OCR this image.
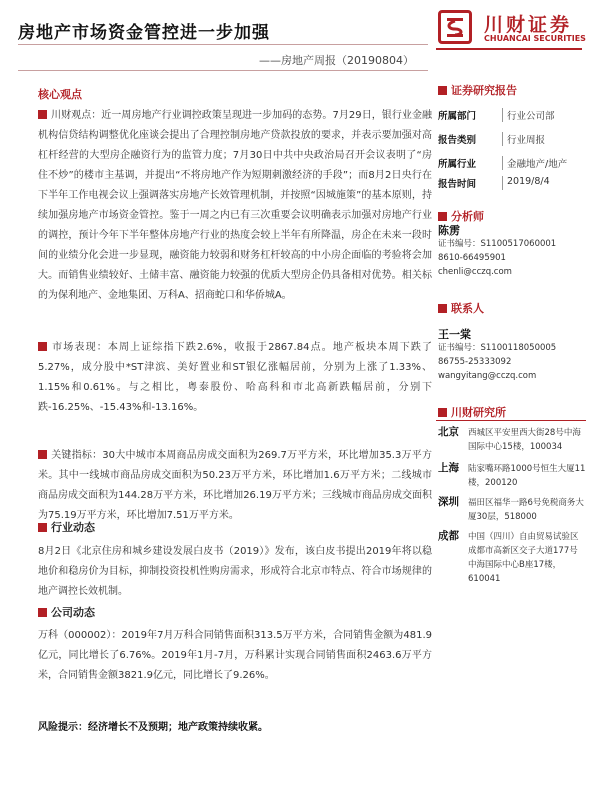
房地产市场资金管控进一步加强
——房地产周报（20190804）
川财证券
CHUANCAI SECURITIES
核心观点
川财观点：近一周房地产行业调控政策呈现进一步加码的态势。7月29日，银行业金融机构信贷结构调整优化座谈会提出了合理控制房地产贷款投放的要求，并表示要加强对高杠杆经营的大型房企融资行为的监管力度；7月30日中共中央政治局召开会议表明了“房住不炒”的楼市主基调，并提出“不将房地产作为短期刺激经济的手段”；而8月2日央行在下半年工作电视会议上强调落实房地产长效管理机制，并按照“因城施策”的基本原则，持续加强房地产市场资金管控。鉴于一周之内已有三次重要会议明确表示加强对房地产行业的调控，预计今年下半年整体房地产行业的热度会较上半年有所降温，房企在未来一段时间的业绩分化会进一步显现，融资能力较弱和财务杠杆较高的中小房企面临的考验将会加大。而销售业绩较好、土储丰富、融资能力较强的优质大型房企仍具备相对优势。相关标的为保利地产、金地集团、万科A、招商蛇口和华侨城A。
市场表现：本周上证综指下跌2.6%，收报于2867.84点。地产板块本周下跌了5.27%，成分股中*ST津滨、美好置业和ST银亿涨幅居前，分别为上涨了1.33%、1.15%和0.61%。与之相比，粤泰股份、哈高科和市北高新跌幅居前，分别下跌-16.25%、-15.43%和-13.16%。
关键指标：30大中城市本周商品房成交面积为269.7万平方米，环比增加35.3万平方米。其中一线城市商品房成交面积为50.23万平方米，环比增加1.6万平方米；二线城市商品房成交面积为144.28万平方米，环比增加26.19万平方米；三线城市商品房成交面积为75.19万平方米，环比增加7.51万平方米。
行业动态
8月2日《北京住房和城乡建设发展白皮书（2019）》发布，该白皮书提出2019年将以稳地价和稳房价为目标，抑制投资投机性购房需求，形成符合北京市特点、符合市场规律的地产调控长效机制。
公司动态
万科（000002）：2019年7月万科合同销售面积313.5万平方米，合同销售金额为481.9亿元，同比增长了6.76%。2019年1月-7月，万科累计实现合同销售面积2463.6万平方米，合同销售金额3821.9亿元，同比增长了9.26%。
风险提示：经济增长不及预期；地产政策持续收紧。
证券研究报告
所属部门	行业公司部
报告类别	行业周报
所属行业	金融地产/地产
报告时间	2019/8/4
分析师
陈雳
证书编号：S1100517060001
8610-66495901
chenli@cczq.com
联系人
王一棠
证书编号：S1100118050005
86755-25333092
wangyitang@cczq.com
川财研究所
北京 西城区平安里西大街28号中海国际中心15楼，100034
上海 陆家嘴环路1000号恒生大厦11楼，200120
深圳 福田区福华一路6号免税商务大厦30层，518000
成都 中国（四川）自由贸易试验区成都市高新区交子大道177号中海国际中心B座17楼，610041
